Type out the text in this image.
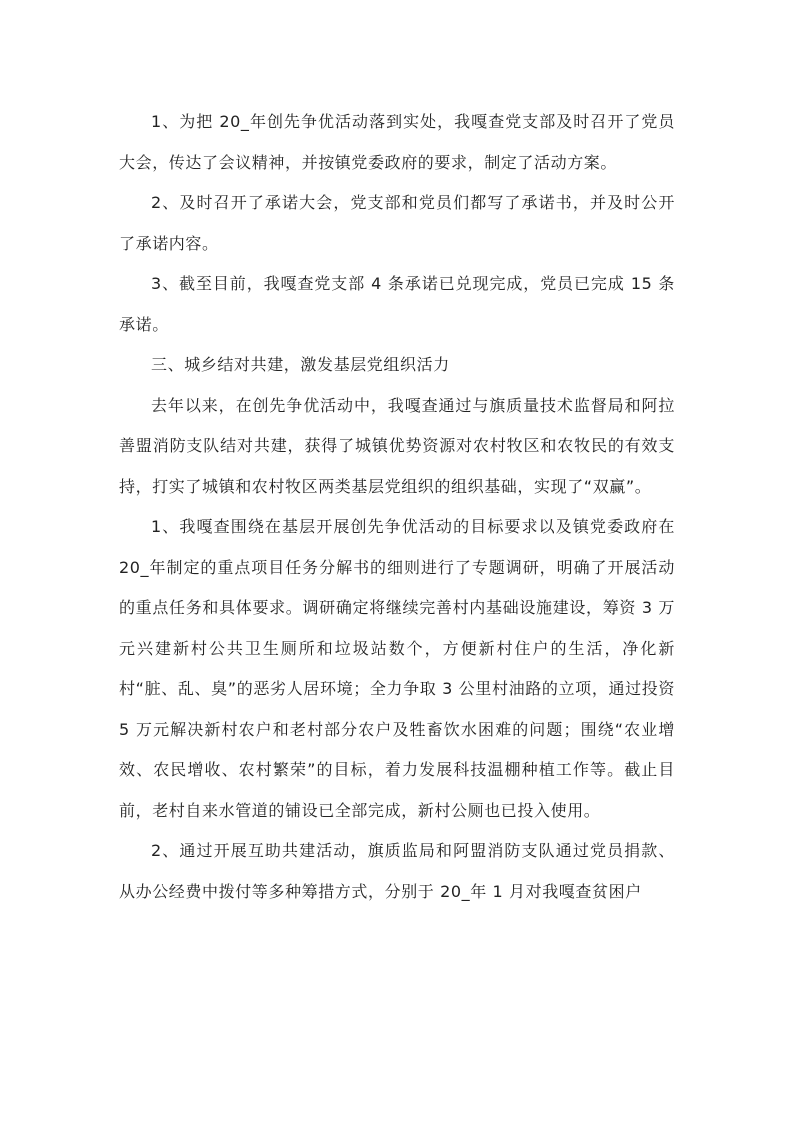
1、为把 20_年创先争优活动落到实处，我嘎查党支部及时召开了党员大会，传达了会议精神，并按镇党委政府的要求，制定了活动方案。

2、及时召开了承诺大会，党支部和党员们都写了承诺书，并及时公开了承诺内容。

3、截至目前，我嘎查党支部 4 条承诺已兑现完成，党员已完成 15 条承诺。

三、城乡结对共建，激发基层党组织活力

去年以来，在创先争优活动中，我嘎查通过与旗质量技术监督局和阿拉善盟消防支队结对共建，获得了城镇优势资源对农村牧区和农牧民的有效支持，打实了城镇和农村牧区两类基层党组织的组织基础，实现了“双赢”。

1、我嘎查围绕在基层开展创先争优活动的目标要求以及镇党委政府在 20_年制定的重点项目任务分解书的细则进行了专题调研，明确了开展活动的重点任务和具体要求。调研确定将继续完善村内基础设施建设，筹资 3 万元兴建新村公共卫生厕所和垃圾站数个，方便新村住户的生活，净化新村“脏、乱、臭”的恶劣人居环境；全力争取 3 公里村油路的立项，通过投资 5 万元解决新村农户和老村部分农户及牲畜饮水困难的问题；围绕“农业增效、农民增收、农村繁荣”的目标，着力发展科技温棚种植工作等。截止目前，老村自来水管道的铺设已全部完成，新村公厕也已投入使用。

2、通过开展互助共建活动，旗质监局和阿盟消防支队通过党员捐款、从办公经费中拨付等多种筹措方式，分别于 20_年 1 月对我嘎查贫困户
